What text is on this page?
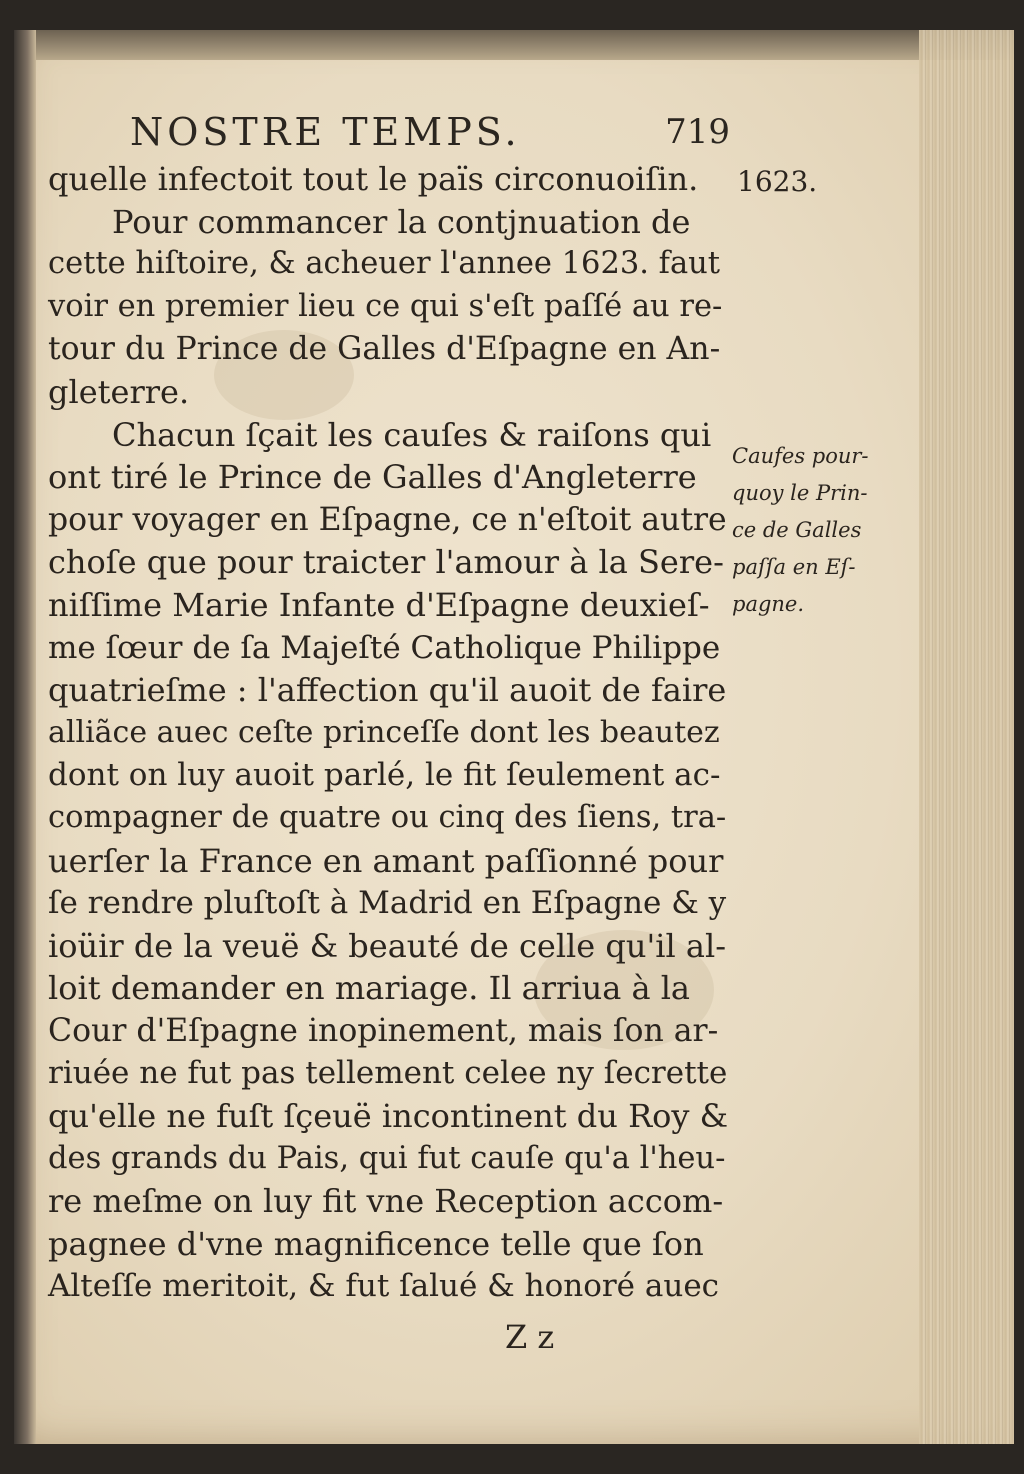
NOSTRE TEMPS.	719
1623.
Caufes pour-
quoy le Prin-
ce de Galles
paſſa en Eſ-
pagne.
quelle infectoit tout le païs circonuoiſin.
Pour commancer la contjnuation de
cette hiſtoire, & acheuer l'annee 1623. faut
voir en premier lieu ce qui s'eſt paſſé au re-
tour du Prince de Galles d'Eſpagne en An-
gleterre.
Chacun ſçait les cauſes & raiſons qui
ont tiré le Prince de Galles d'Angleterre
pour voyager en Eſpagne, ce n'eſtoit autre
choſe que pour traicter l'amour à la Sere-
niſſime Marie Infante d'Eſpagne deuxieſ-
me ſœur de ſa Majeſté Catholique Philippe
quatrieſme : l'affection qu'il auoit de faire
alliãce auec ceſte princeſſe dont les beautez
dont on luy auoit parlé, le fit ſeulement ac-
compagner de quatre ou cinq des ſiens, tra-
uerſer la France en amant paſſionné pour
ſe rendre pluſtoſt à Madrid en Eſpagne & y
ioüir de la veuë & beauté de celle qu'il al-
loit demander en mariage. Il arriua à la
Cour d'Eſpagne inopinement, mais ſon ar-
riuée ne fut pas tellement celee ny ſecrette
qu'elle ne fuſt ſçeuë incontinent du Roy &
des grands du Pais, qui fut cauſe qu'a l'heu-
re meſme on luy fit vne Reception accom-
pagnee d'vne magnificence telle que ſon
Alteſſe meritoit, & fut ſalué & honoré auec
Z z
